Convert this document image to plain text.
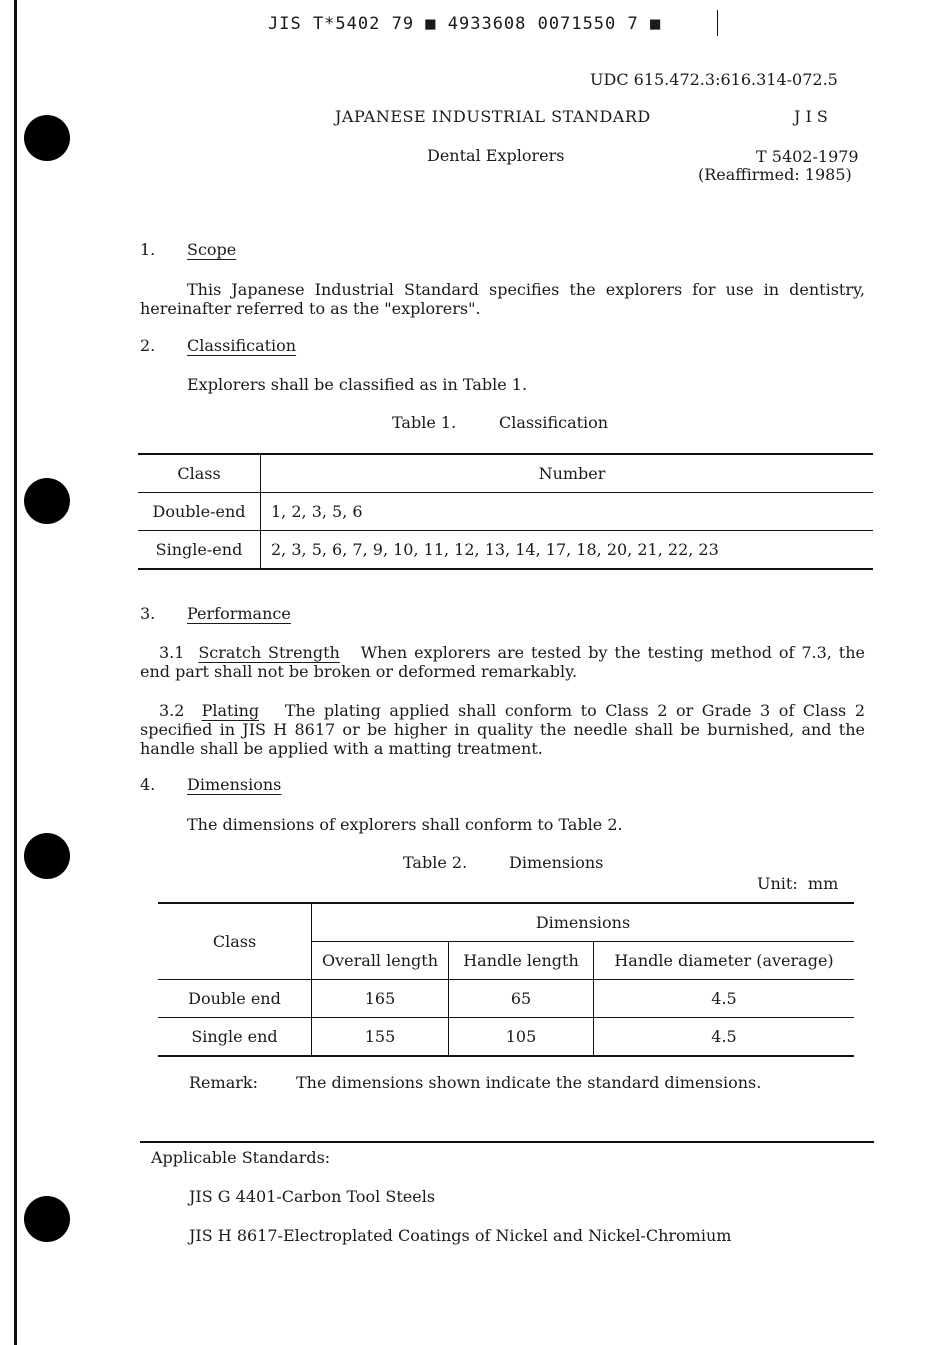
JIS T*5402 79 ■ 4933608 0071550 7 ■
UDC 615.472.3:616.314-072.5
JAPANESE INDUSTRIAL STANDARD	J I S
Dental Explorers	T 5402-1979
(Reaffirmed: 1985)
1. Scope
This Japanese Industrial Standard specifies the explorers for use in dentistry, hereinafter referred to as the "explorers".
2. Classification
Explorers shall be classified as in Table 1.
Table 1.	Classification
Class	Number
Double-end	1, 2, 3, 5, 6
Single-end	2, 3, 5, 6, 7, 9, 10, 11, 12, 13, 14, 17, 18, 20, 21, 22, 23
3. Performance
3.1 Scratch Strength When explorers are tested by the testing method of 7.3, the end part shall not be broken or deformed remarkably.
3.2 Plating The plating applied shall conform to Class 2 or Grade 3 of Class 2 specified in JIS H 8617 or be higher in quality the needle shall be burnished, and the handle shall be applied with a matting treatment.
4. Dimensions
The dimensions of explorers shall conform to Table 2.
Table 2.	Dimensions
Unit:  mm
Class	Dimensions		
	Overall length	Handle length	Handle diameter (average)
Double end	165	65	4.5
Single end	155	105	4.5
Remark: The dimensions shown indicate the standard dimensions.
Applicable Standards:
JIS G 4401-Carbon Tool Steels
JIS H 8617-Electroplated Coatings of Nickel and Nickel-Chromium
